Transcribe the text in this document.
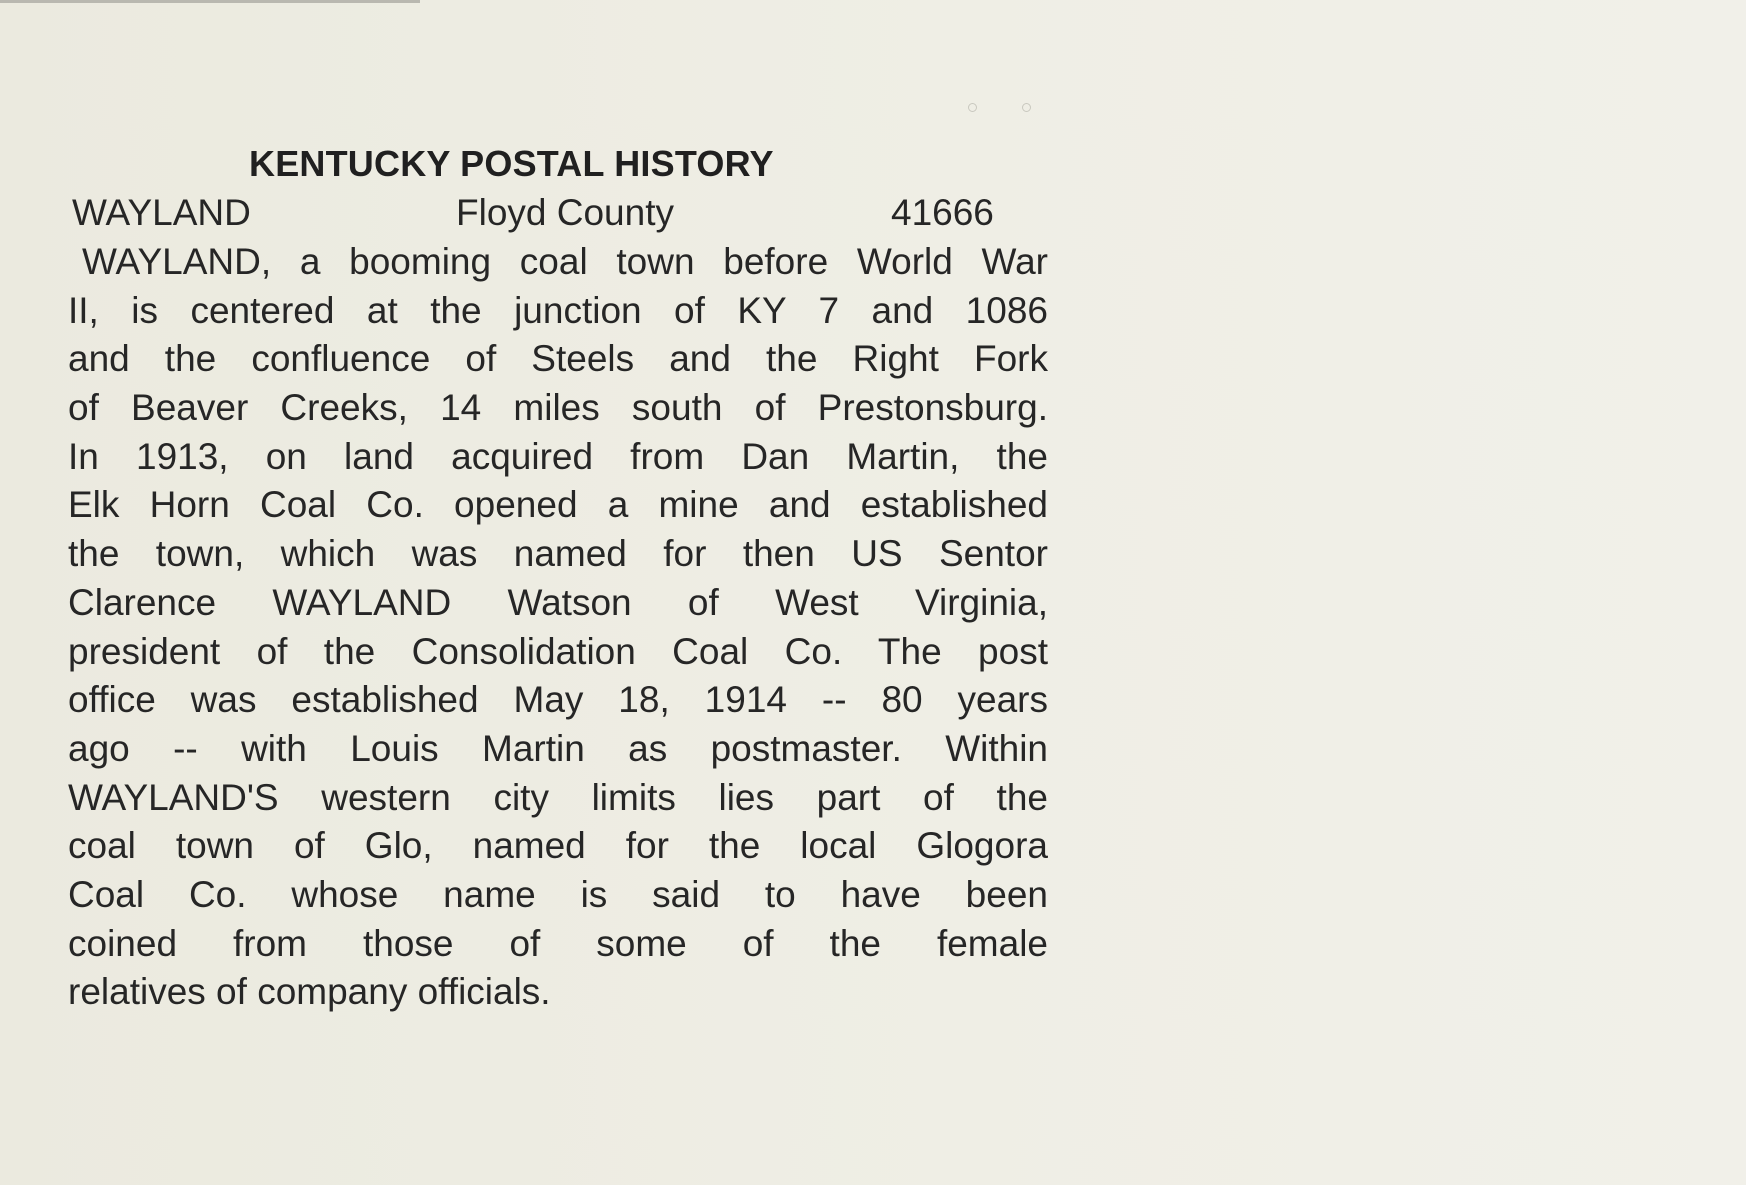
KENTUCKY POSTAL HISTORY
WAYLAND	Floyd County	41666
WAYLAND, a booming coal town before World War
II, is centered at the junction of KY 7 and 1086
and the confluence of Steels and the Right Fork
of Beaver Creeks, 14 miles south of Prestonsburg.
In 1913, on land acquired from Dan Martin, the
Elk Horn Coal Co. opened a mine and established
the town, which was named for then US Sentor
Clarence WAYLAND Watson of West Virginia,
president of the Consolidation Coal Co. The post
office was established May 18, 1914 -- 80 years
ago -- with Louis Martin as postmaster. Within
WAYLAND'S western city limits lies part of the
coal town of Glo, named for the local Glogora
Coal Co. whose name is said to have been
coined from those of some of the female
relatives of company officials.
